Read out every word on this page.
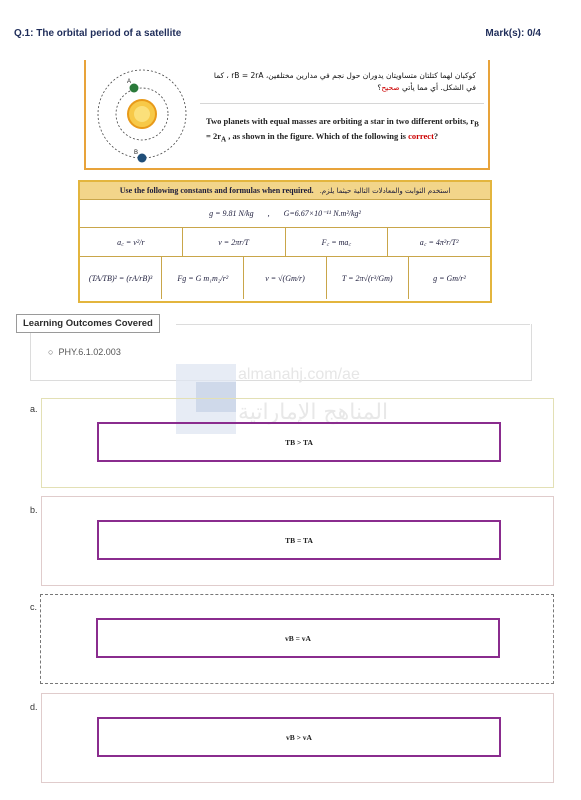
Q.1: The orbital period of a satellite	Mark(s): 0/4
A
B
كوكبان لهما كتلتان متساويتان يدوران حول نجم في مدارين مختلفين، rB = 2rA ، كما
في الشكل. أي مما يأتي صحيح؟
Two planets with equal masses are orbiting a star in two different orbits, $r_B = 2r_A$ , as shown in the figure. Which of the following is correct?
Use the following constants and formulas when required. استخدم الثوابت والمعادلات التالية حيثما يلزم.
g = 9.81 N/kg , G=6.67×10⁻¹¹ N.m²/kg²
a꜀ = v²/r	v = 2πr/T	F꜀ = ma꜀	a꜀ = 4π²r/T²
(TA/TB)² = (rA/rB)³	Fg = G m₁m₂/r²	v = √(Gm/r)	T = 2π√(r³/Gm)	g = Gm/r²
Learning Outcomes Covered
○  PHY.6.1.02.003
almanahj.com/ae
المناهج الإماراتية
a.
TB > TA
b.
TB = TA
c.
vB = vA
d.
vB > vA
